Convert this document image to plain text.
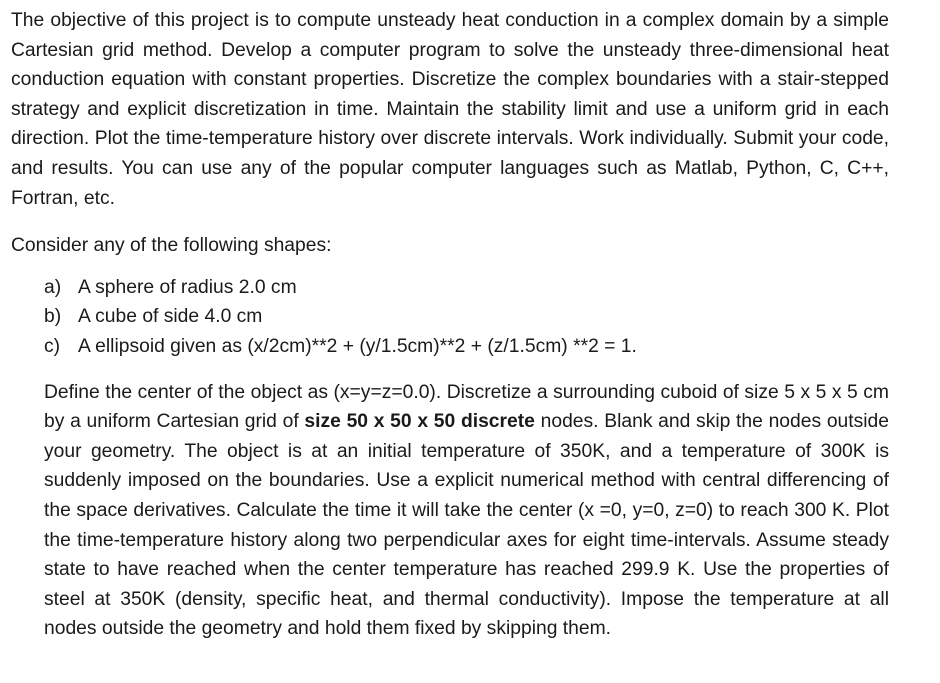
The objective of this project is to compute unsteady heat conduction in a complex domain by a simple Cartesian grid method. Develop a computer program to solve the unsteady three-dimensional heat conduction equation with constant properties. Discretize the complex boundaries with a stair-stepped strategy and explicit discretization in time. Maintain the stability limit and use a uniform grid in each direction. Plot the time-temperature history over discrete intervals. Work individually. Submit your code, and results. You can use any of the popular computer languages such as Matlab, Python, C, C++, Fortran, etc.

Consider any of the following shapes:

a) A sphere of radius 2.0 cm
b) A cube of side 4.0 cm
c) A ellipsoid given as (x/2cm)**2 + (y/1.5cm)**2 + (z/1.5cm) **2 = 1.

Define the center of the object as (x=y=z=0.0). Discretize a surrounding cuboid of size 5 x 5 x 5 cm by a uniform Cartesian grid of size 50 x 50 x 50 discrete nodes. Blank and skip the nodes outside your geometry. The object is at an initial temperature of 350K, and a temperature of 300K is suddenly imposed on the boundaries. Use a explicit numerical method with central differencing of the space derivatives. Calculate the time it will take the center (x =0, y=0, z=0) to reach 300 K. Plot the time-temperature history along two perpendicular axes for eight time-intervals. Assume steady state to have reached when the center temperature has reached 299.9 K. Use the properties of steel at 350K (density, specific heat, and thermal conductivity). Impose the temperature at all nodes outside the geometry and hold them fixed by skipping them.
